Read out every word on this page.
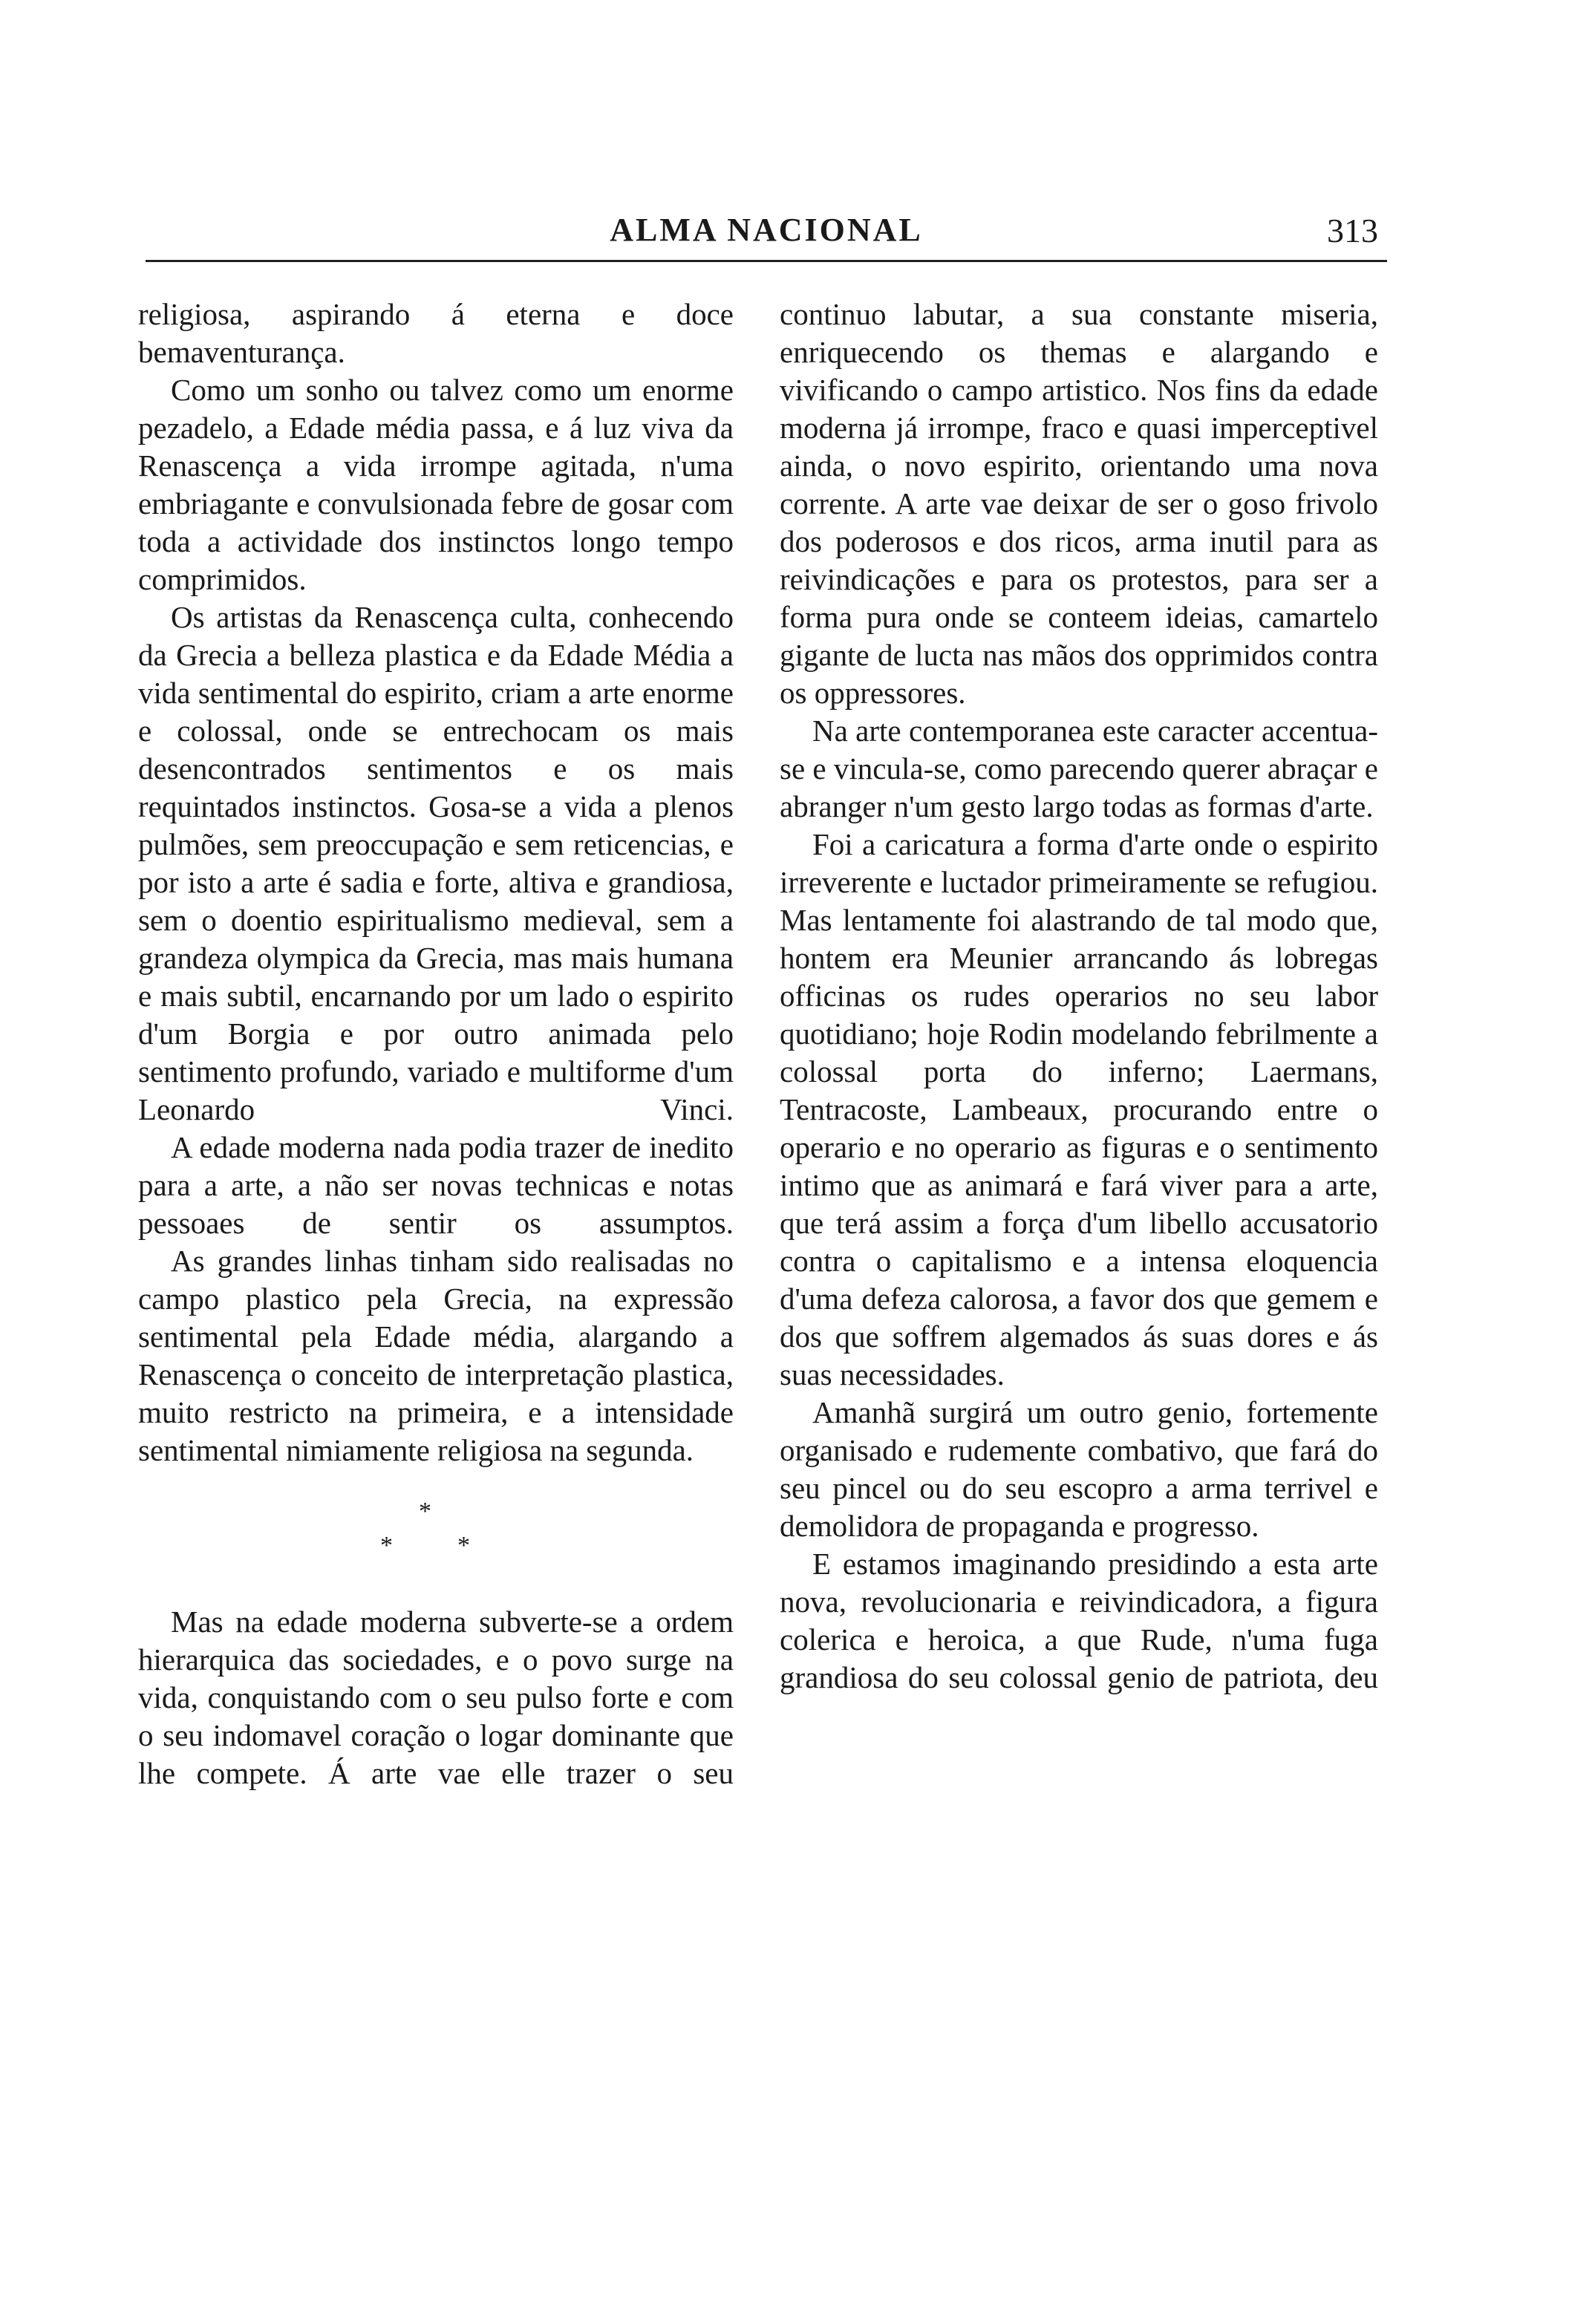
ALMA NACIONAL	313

religiosa, aspirando á eterna e doce bemaventurança.

Como um sonho ou talvez como um enorme pezadelo, a Edade média passa, e á luz viva da Renascença a vida irrompe agitada, n'uma embriagante e convulsionada febre de gosar com toda a actividade dos instinctos longo tempo comprimidos.

Os artistas da Renascença culta, conhecendo da Grecia a belleza plastica e da Edade Média a vida sentimental do espirito, criam a arte enorme e colossal, onde se entrechocam os mais desencontrados sentimentos e os mais requintados instinctos. Gosa-se a vida a plenos pulmões, sem preoccupação e sem reticencias, e por isto a arte é sadia e forte, altiva e grandiosa, sem o doentio espiritualismo medieval, sem a grandeza olympica da Grecia, mas mais humana e mais subtil, encarnando por um lado o espirito d'um Borgia e por outro animada pelo sentimento profundo, variado e multiforme d'um Leonardo Vinci.

A edade moderna nada podia trazer de inedito para a arte, a não ser novas technicas e notas pessoaes de sentir os assumptos.

As grandes linhas tinham sido realisadas no campo plastico pela Grecia, na expressão sentimental pela Edade média, alargando a Renascença o conceito de interpretação plastica, muito restricto na primeira, e a intensidade sentimental nimiamente religiosa na segunda.

*
*	*

Mas na edade moderna subverte-se a ordem hierarquica das sociedades, e o povo surge na vida, conquistando com o seu pulso forte e com o seu indomavel coração o logar dominante que lhe compete. Á arte vae elle trazer o seu

continuo labutar, a sua constante miseria, enriquecendo os themas e alargando e vivificando o campo artistico. Nos fins da edade moderna já irrompe, fraco e quasi imperceptivel ainda, o novo espirito, orientando uma nova corrente. A arte vae deixar de ser o goso frivolo dos poderosos e dos ricos, arma inutil para as reivindicações e para os protestos, para ser a forma pura onde se conteem ideias, camartelo gigante de lucta nas mãos dos opprimidos contra os oppressores.

Na arte contemporanea este caracter accentua-se e vincula-se, como parecendo querer abraçar e abranger n'um gesto largo todas as formas d'arte.

Foi a caricatura a forma d'arte onde o espirito irreverente e luctador primeiramente se refugiou. Mas lentamente foi alastrando de tal modo que, hontem era Meunier arrancando ás lobregas officinas os rudes operarios no seu labor quotidiano; hoje Rodin modelando febrilmente a colossal porta do inferno; Laermans, Tentracoste, Lambeaux, procurando entre o operario e no operario as figuras e o sentimento intimo que as animará e fará viver para a arte, que terá assim a força d'um libello accusatorio contra o capitalismo e a intensa eloquencia d'uma defeza calorosa, a favor dos que gemem e dos que soffrem algemados ás suas dores e ás suas necessidades.

Amanhã surgirá um outro genio, fortemente organisado e rudemente combativo, que fará do seu pincel ou do seu escopro a arma terrivel e demolidora de propaganda e progresso.

E estamos imaginando presidindo a esta arte nova, revolucionaria e reivindicadora, a figura colerica e heroica, a que Rude, n'uma fuga grandiosa do seu colossal genio de patriota, deu
